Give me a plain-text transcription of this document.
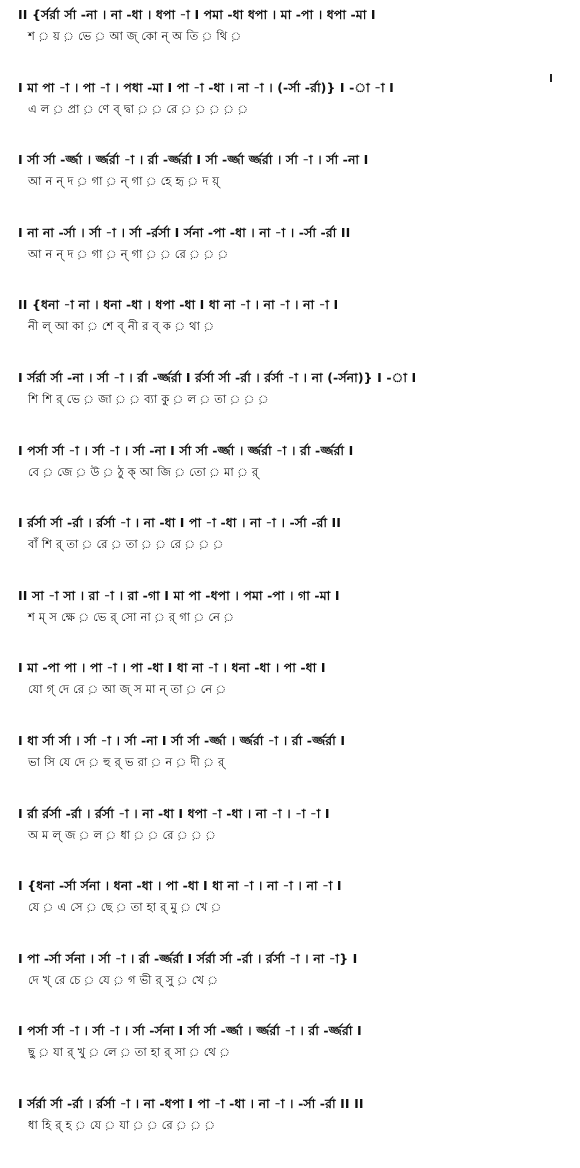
II {র্সর্রা র্সা -না । না -ধা । ধপা -া I পমা -ধা ধপা । মা -পা । ধপা -মা I
শ ় য় ় ভে ় আ জ্ কো ন্ অ তি ় থি ়
I মা পা -া । পা -া । পধা -মা I পা -া -ধা । না -া । (-র্সা -র্রা)} I -া -া I
এ ল ় প্রা ় ণে ব্ দ্বা ় ় রে ় ় ় ় ়
I র্সা র্সা -র্জ্জা । র্জ্জর্রা -া । র্রা -র্জ্জর্রা I র্সা -র্জ্জা র্জ্জর্রা । র্সা -া । র্সা -না I
আ ন ন্ দ ় গা ় ন্ গা ় হে হৃ ় দ য়্
I না না -র্সা । র্সা -া । র্সা -র্রর্সা I র্সনা -পা -ধা । না -া । -র্সা -র্রা II
আ ন ন্ দ ় গা ় ন্ গা ় ় রে ় ় ়
II {ধনা -া না । ধনা -ধা । ধপা -ধা I ধা না -া । না -া । না -া I
নী ল্ আ কা ় শে ব্ নী র ব্ ক ় থা ়
I র্সর্রা র্সা -না । র্সা -া । র্রা -র্জ্জর্রা I র্রর্সা র্সা -র্রা । র্রর্সা -া । না (-র্সনা)} I -া I
শি শি র্ ভে ় জা ় ় ব্যা কু ় ল ় তা ় ় ়
I পর্সা র্সা -া । র্সা -া । র্সা -না I র্সা র্সা -র্জ্জা । র্জ্জর্রা -া । র্রা -র্জ্জর্রা I
বে ় জে ় উ ় ঠু ক্ আ জি ় তো ় মা ় র্
I র্রর্সা র্সা -র্রা । র্রর্সা -া । না -ধা I পা -া -ধা । না -া । -র্সা -র্রা II
বাঁ শি র্ তা ় রে ় তা ় ় রে ় ় ়
II সা -া সা । রা -া । রা -গা I মা পা -ধপা । পমা -পা । গা -মা I
শ ম্ স ক্ষে ় ভে র্ সো না ় র্ গা ় নে ়
I মা -পা পা । পা -া । পা -ধা I ধা না -া । ধনা -ধা । পা -ধা I
যো গ্ দে রে ় আ জ্ স মা ন্ তা ় নে ়
I ধা র্সা র্সা । র্সা -া । র্সা -না I র্সা র্সা -র্জ্জা । র্জ্জর্রা -া । র্রা -র্জ্জর্রা I
ভা সি যে দে ় হু র্ ভ রা ় ন ় দী ় র্
I র্রা র্রর্সা -র্রা । র্রর্সা -া । না -ধা I ধপা -া -ধা । না -া । -া -া I
অ ম ল্ জ ় ল ় ধা ় ় রে ় ় ়
I {ধনা -র্সা র্সনা । ধনা -ধা । পা -ধা I ধা না -া । না -া । না -া I
যে ় এ সে ় ছে ় তা হা র্ মু ় খে ়
I পা -র্সা র্সনা । র্সা -া । র্রা -র্জ্জর্রা I র্সর্রা র্সা -র্রা । র্রর্সা -া । না -া} I
দে খ্ রে চে ় যে ় গ ভী র্ সু ় খে ়
I পর্সা র্সা -া । র্সা -া । র্সা -র্সনা I র্সা র্সা -র্জ্জা । র্জ্জর্রা -া । র্রা -র্জ্জর্রা I
ছু ় যা র্ খু ় লে ় তা হা র্ সা ় থে ়
I র্সর্রা র্সা -র্রা । র্রর্সা -া । না -ধপা I পা -া -ধা । না -া । -র্সা -র্রা II II
ধা হি র্ হ ় যে ় যা ় ় রে ় ় ়
